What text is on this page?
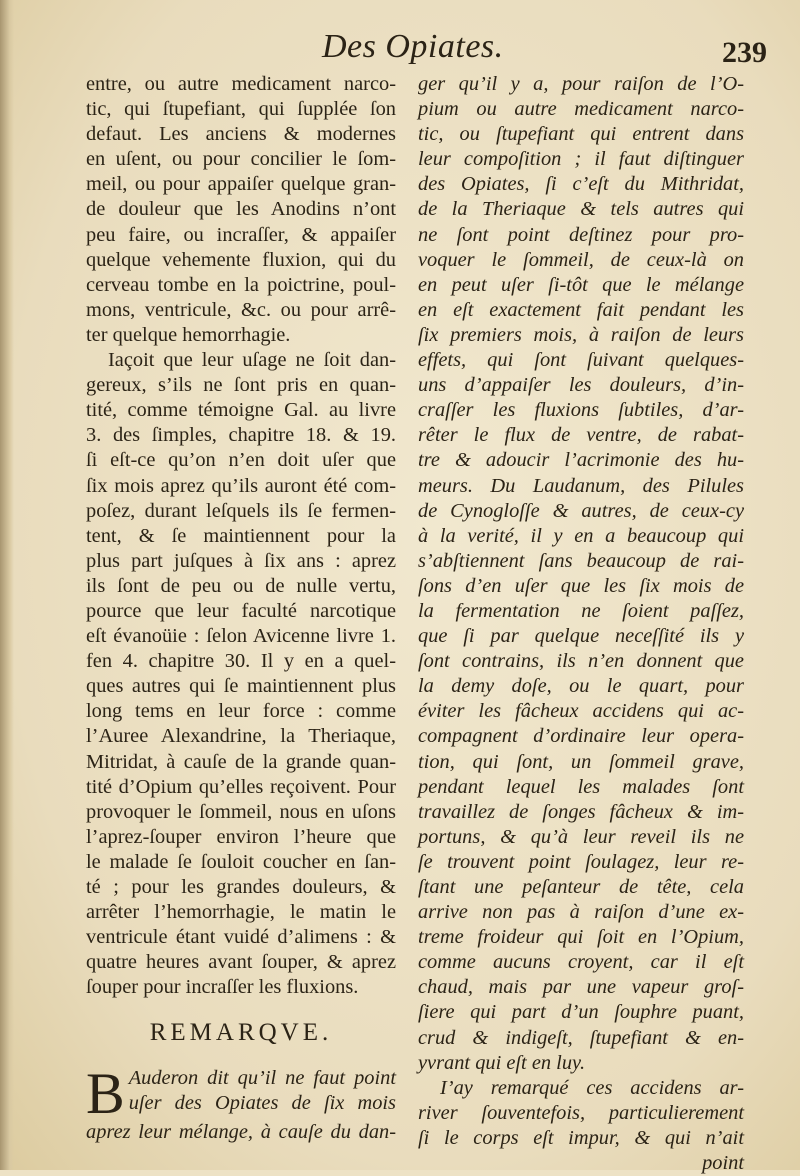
Des Opiates.	239
entre, ou autre medicament narco-
tic, qui ſtupefiant, qui ſupplée ſon
defaut. Les anciens & modernes
en uſent, ou pour concilier le ſom-
meil, ou pour appaiſer quelque gran-
de douleur que les Anodins n’ont
peu faire, ou incraſſer, & appaiſer
quelque vehemente fluxion, qui du
cerveau tombe en la poictrine, poul-
mons, ventricule, &c. ou pour arrê-
ter quelque hemorrhagie.
Iaçoit que leur uſage ne ſoit dan-
gereux, s’ils ne ſont pris en quan-
tité, comme témoigne Gal. au livre
3. des ſimples, chapitre 18. & 19.
ſi eſt-ce qu’on n’en doit uſer que
ſix mois aprez qu’ils auront été com-
poſez, durant leſquels ils ſe fermen-
tent, & ſe maintiennent pour la
plus part juſques à ſix ans : aprez
ils ſont de peu ou de nulle vertu,
pource que leur faculté narcotique
eſt évanoüie : ſelon Avicenne livre 1.
fen 4. chapitre 30. Il y en a quel-
ques autres qui ſe maintiennent plus
long tems en leur force : comme
l’Auree Alexandrine, la Theriaque,
Mitridat, à cauſe de la grande quan-
tité d’Opium qu’elles reçoivent. Pour
provoquer le ſommeil, nous en uſons
l’aprez-ſouper environ l’heure que
le malade ſe ſouloit coucher en ſan-
té ; pour les grandes douleurs, &
arrêter l’hemorrhagie, le matin le
ventricule étant vuidé d’alimens : &
quatre heures avant ſouper, & aprez
ſouper pour incraſſer les fluxions.
REMARQVE.
B Auderon dit qu’il ne faut point
uſer des Opiates de ſix mois
aprez leur mélange, à cauſe du dan-
ger qu’il y a, pour raiſon de l’O-
pium ou autre medicament narco-
tic, ou ſtupefiant qui entrent dans
leur compoſition ; il faut diſtinguer
des Opiates, ſi c’eſt du Mithridat,
de la Theriaque & tels autres qui
ne ſont point deſtinez pour pro-
voquer le ſommeil, de ceux-là on
en peut uſer ſi-tôt que le mélange
en eſt exactement fait pendant les
ſix premiers mois, à raiſon de leurs
effets, qui ſont ſuivant quelques-
uns d’appaiſer les douleurs, d’in-
craſſer les fluxions ſubtiles, d’ar-
rêter le flux de ventre, de rabat-
tre & adoucir l’acrimonie des hu-
meurs. Du Laudanum, des Pilules
de Cynogloſſe & autres, de ceux-cy
à la verité, il y en a beaucoup qui
s’abſtiennent ſans beaucoup de rai-
ſons d’en uſer que les ſix mois de
la fermentation ne ſoient paſſez,
que ſi par quelque neceſſité ils y
ſont contrains, ils n’en donnent que
la demy doſe, ou le quart, pour
éviter les fâcheux accidens qui ac-
compagnent d’ordinaire leur opera-
tion, qui ſont, un ſommeil grave,
pendant lequel les malades ſont
travaillez de ſonges fâcheux & im-
portuns, & qu’à leur reveil ils ne
ſe trouvent point ſoulagez, leur re-
ſtant une peſanteur de tête, cela
arrive non pas à raiſon d’une ex-
treme froideur qui ſoit en l’Opium,
comme aucuns croyent, car il eſt
chaud, mais par une vapeur groſ-
ſiere qui part d’un ſouphre puant,
crud & indigeſt, ſtupefiant & en-
yvrant qui eſt en luy.
I’ay remarqué ces accidens ar-
river ſouventefois, particulierement
ſi le corps eſt impur, & qui n’ait
point
